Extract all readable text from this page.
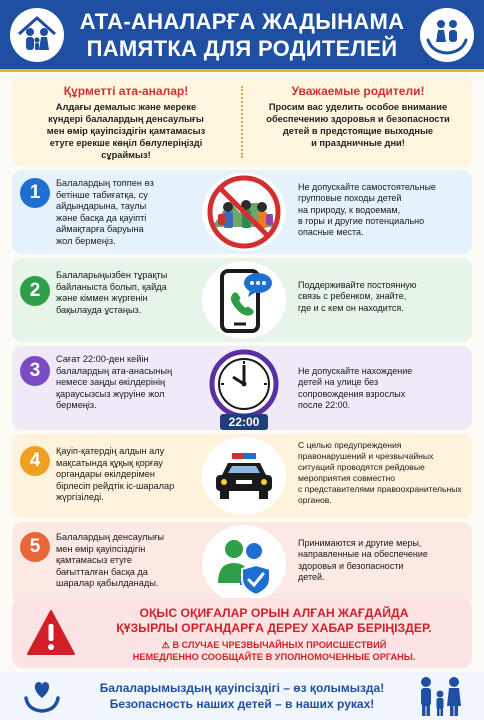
АТА-АНАЛАРҒА ЖАДЫНАМА
ПАМЯТКА ДЛЯ РОДИТЕЛЕЙ
Құрметті ата-аналар!

Алдағы демалыс және мереке
күндері балалардың денсаулығы
мен өмір қауіпсіздігін қамтамасыз
етуге ерекше көңіл бөлулеріңізді
сұраймыз!

Уважаемые родители!

Просим вас уделить особое внимание
обеспечению здоровья и безопасности
детей в предстоящие выходные
и праздничные дни!

1	Балалардың топпен өз
бетінше табиғатқа, су
айдындарына, таулы
және басқа да қауіпті
аймақтарға баруына
жол бермеңіз.
Не допускайте самостоятельные
групповые походы детей
на природу, к водоемам,
в горы и другие потенциально
опасные места.
2
Балаларыңызбен тұрақты
байланыста болып, қайда
және кіммен жүргенін
бақылауда ұстаңыз.
Поддерживайте постоянную
связь с ребенком, знайте,
где и с кем он находится.
3
Сағат 22:00-ден кейін
балалардың ата-анасының
немесе заңды өкілдерінің
қараусызсыз жүруіне жол
бермеңіз.
22:00
Не допускайте нахождение
детей на улице без
сопровождения взрослых
после 22:00.
4	Қауіп-қатердің алдын алу
мақсатында құқық қорғау
органдары өкілдерімен
бірлесіп рейдтік іс-шаралар
жүргізіледі.
С целью предупреждения
правонарушений и чрезвычайных
ситуаций проводятся рейдовые
мероприятия совместно
с представителями правоохранительных
органов.
5	Балалардың денсаулығы
мен өмір қауіпсіздігін
қамтамасыз етуге
бағытталған басқа да
шаралар қабылданады.
Принимаются и другие меры,
направленные на обеспечение
здоровья и безопасности
детей.
ОҚЫС ОҚИҒАЛАР ОРЫН АЛҒАН ЖАҒДАЙДА
ҚҰЗЫРЛЫ ОРГАНДАРҒА ДЕРЕУ ХАБАР БЕРІҢІЗДЕР.
⚠ В СЛУЧАЕ ЧРЕЗВЫЧАЙНЫХ ПРОИСШЕСТВИЙ
НЕМЕДЛЕННО СООБЩАЙТЕ В УПОЛНОМОЧЕННЫЕ ОРГАНЫ.
Балаларымыздың қауіпсіздігі – өз қолымызда!
Безопасность наших детей – в наших руках!
